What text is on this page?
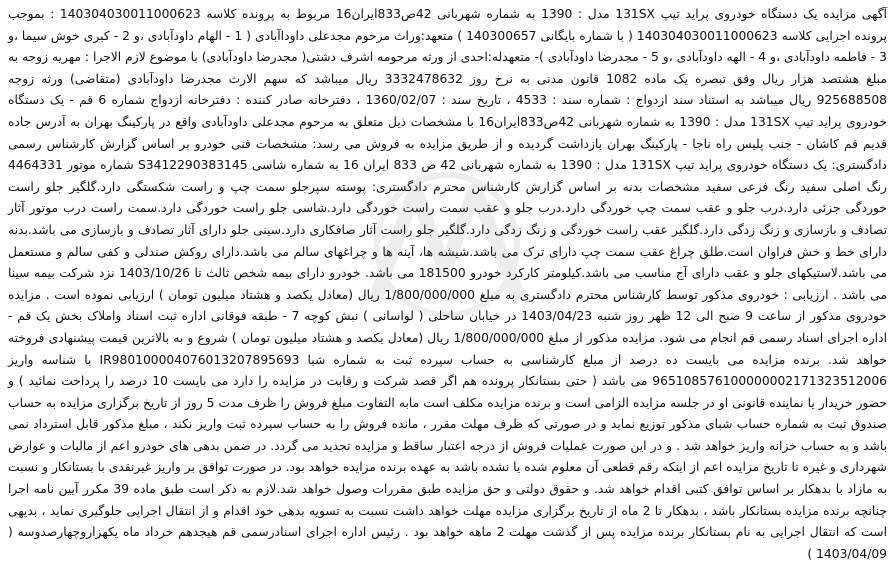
آگهی مزایده یک دستگاه خودروی پراید تیپ 131SX مدل : 1390 به شماره شهربانی 42ص833ایران16 مربوط به پرونده کلاسه 140304030011000623 : بموجب پرونده اجرایی کلاسه 140304030011000623 ( با شماره بایگانی 140300657 ) متعهد:وراث مرحوم مجدعلی داوداآبادی ( 1 - الهام داودآبادی ،و 2 - کبری خوش سیما ،و 3 - فاطمه داودآبادی ،و 4 - الهه داودآبادی ،و 5 - مجدرضا داودآبادی )- متعهدله:احدی از ورثه مرحومه اشرف دشتی( مجدرضا داودآبادی) با موضوع لازم الاجرا : مهریه زوجه به مبلغ هشتصد هزار ریال وفق تبصره یک ماده 1082 قانون مدنی به نرخ روز 3332478632 ریال میباشد که سهم الارث مجدرضا داودآبادی (متقاضی) ورثه زوجه 925688508 ریال میباشد به استناد سند ازدواج : شماره سند : 4533 ، تاریخ سند : 1360/02/07 ، دفترخانه صادر کننده : دفترخانه ازدواج شماره 6 قم - یک دستگاه خودروی پراید تیپ 131SX مدل : 1390 به شماره شهربانی 42ص833ایران16 با مشخصات ذیل متعلق به مرحوم مجدعلی داودآبادی واقع در پارکینگ بهران به آدرس جاده قدیم قم کاشان - جنب پلیس راه ناجا - پارکینگ بهران بازداشت گردیده و از طریق مزایده به فروش می رسد: مشخصات فنی خودرو بر اساس گزارش کارشناس رسمی دادگستری: یک دستگاه خودروی پراید تیپ 131SX مدل : 1390 به شماره شهربانی 42 ص 833 ایران 16 به شماره شاسی S3412290383145 شماره موتور 4464331 رنگ اصلی سفید رنگ فرعی سفید مشخصات بدنه بر اساس گزارش کارشناس محترم دادگستری: پوسته سپرجلو سمت چپ و راست شکستگی دارد.گلگیر جلو راست خوردگی جزئی دارد.درب جلو و عقب سمت چپ خوردگی دارد.درب جلو و عقب سمت راست خوردگی دارد.شاسی جلو راست خوردگی دارد.سمت راست درب موتور آثار تصادف و بازسازی و زنگ زدگی دارد.گلگیر عقب راست خوردگی و زنگ زدگی دارد.گلگیر جلو راست آثار صافکاری دارد.سینی جلو دارای آثار تصادف و بازسازی می باشد.بدنه دارای خط و خش فراوان است.طلق چراغ عقب سمت چپ دارای ترک می باشد.شیشه ها، آینه ها و چراغهای سالم می باشد.دارای روکش صندلی و کفی سالم و مستعمل می باشد.لاستیکهای جلو و عقب دارای آج مناسب می باشد.کیلومتر کارکرد خودرو 181500 می باشد. خودرو دارای بیمه شخص ثالث تا 1403/10/26 نزد شرکت بیمه سینا می باشد . ارزیابی : خودروی مذکور توسط کارشناس محترم دادگستری به مبلغ 1/800/000/000 ریال (معادل یکصد و هشتاد میلیون تومان ) ارزیابی نموده است . مزایده خودروی مذکور از ساعت 9 صبح الی 12 ظهر روز شنبه 1403/04/23 در خیابان ساحلی ( لواسانی ) نبش کوچه 7 - طبقه فوقانی اداره ثبت اسناد واملاک بخش یک قم - اداره اجرای اسناد رسمی قم انجام می شود. مزایده مذکور از مبلغ 1/800/000/000 ریال (معادل یکصد و هشتاد میلیون تومان ) شروع و به بالاترین قیمت پیشنهادی فروخته خواهد شد. برنده مزایده می بایست ده درصد از مبلغ کارشناسی به حساب سپرده ثبت به شماره شبا IR980100004076013207895693 با شناسه واریز 965108576100000002171323512006 می باشد ( حتی بستانکار پرونده هم اگر قصد شرکت و رقابت در مزایده را دارد می بایست 10 درصد را پرداخت نمائید ) و حضور خریدار یا نماینده قانونی او در جلسه مزایده الزامی است و برنده مزایده مکلف است مابه التفاوت مبلغ فروش را ظرف مدت 5 روز از تاریخ برگزاری مزایده به حساب صندوق ثبت به شماره حساب شبای مذکور توزیع نماید و در صورتی که ظرف مهلت مقرر ، مانده فروش را به حساب سپرده ثبت واریز نکند ، مبلغ مذکور قابل استرداد نمی باشد و به حساب خزانه واریز خواهد شد . و در این صورت عملیات فروش از درجه اعتبار ساقط و مزایده تجدید می گردد. در ضمن بدهی های خودرو اعم از مالیات و عوارض شهرداری و غیره تا تاریخ مزایده اعم از اینکه رقم قطعی آن معلوم شده یا نشده باشد به عهده برنده مزایده خواهد بود. در صورت توافق بر واریز غیرنقدی با بستانکار و نسبت به مازاد با بدهکار بر اساس توافق کتبی اقدام خواهد شد. و حقوق دولتی و حق مزایده طبق مقررات وصول خواهد شد.لازم به ذکر است طبق ماده 39 مکرر آیین نامه اجرا چنانچه برنده مزایده بستانکار باشد ، بدهکار تا 2 ماه از تاریخ برگزاری مزایده مهلت خواهد داشت نسبت به تسویه بدهی خود اقدام و از انتقال اجرایی جلوگیری نماید ، بدیهی است که انتقال اجرایی به نام بستانکار برنده مزایده پس از گذشت مهلت 2 ماهه خواهد بود . رئیس اداره اجرای اسنادرسمی قم هیجدهم خرداد ماه یکهزاروچهارصدوسه ( 1403/04/09 )
